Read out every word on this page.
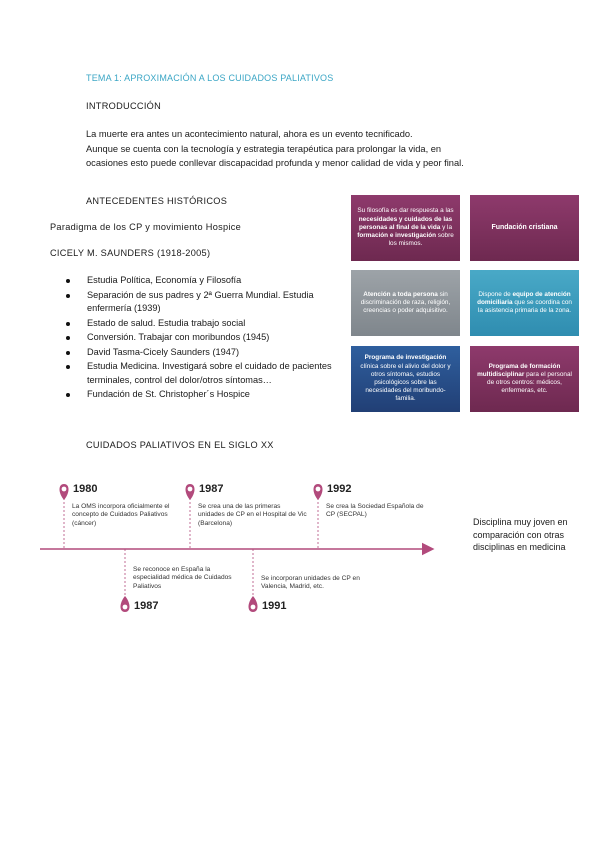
TEMA 1: APROXIMACIÓN A LOS CUIDADOS PALIATIVOS
INTRODUCCIÓN
La muerte era antes un acontecimiento natural, ahora es un evento tecnificado.
Aunque se cuenta con la tecnología y estrategia terapéutica para prolongar la vida, en
ocasiones esto puede conllevar discapacidad profunda y menor calidad de vida y peor final.
ANTECEDENTES HISTÓRICOS
Paradigma de los CP y movimiento Hospice
CICELY M. SAUNDERS (1918-2005)
Estudia Política, Economía y Filosofía
Separación de sus padres y 2ª Guerra Mundial. Estudia enfermería (1939)
Estado de salud. Estudia trabajo social
Conversión. Trabajar con moribundos (1945)
David Tasma-Cicely Saunders (1947)
Estudia Medicina. Investigará sobre el cuidado de pacientes terminales, control del dolor/otros síntomas…
Fundación de St. Christopher´s Hospice
Su filosofía es dar respuesta a las necesidades y cuidados de las personas al final de la vida y la formación e investigación sobre los mismos.
Fundación cristiana
Atención a toda persona sin discriminación de raza, religión, creencias o poder adquisitivo.
Dispone de equipo de atención domiciliaria que se coordina con la asistencia primaria de la zona.
Programa de investigación clínica sobre el alivio del dolor y otros síntomas, estudios psicológicos sobre las necesidades del moribundo-familia.
Programa de formación multidisciplinar para el personal de otros centros: médicos, enfermeras, etc.
CUIDADOS PALIATIVOS EN EL SIGLO XX
1980
La OMS incorpora oficialmente el concepto de Cuidados Paliativos (cáncer)
1987
Se crea una de las primeras unidades de CP en el Hospital de Vic (Barcelona)
1992
Se crea la Sociedad Española de CP (SECPAL)
Se reconoce en España la especialidad médica de Cuidados Paliativos
1987
Se incorporan unidades de CP en Valencia, Madrid, etc.
1991
Disciplina muy joven en comparación con otras disciplinas en medicina
